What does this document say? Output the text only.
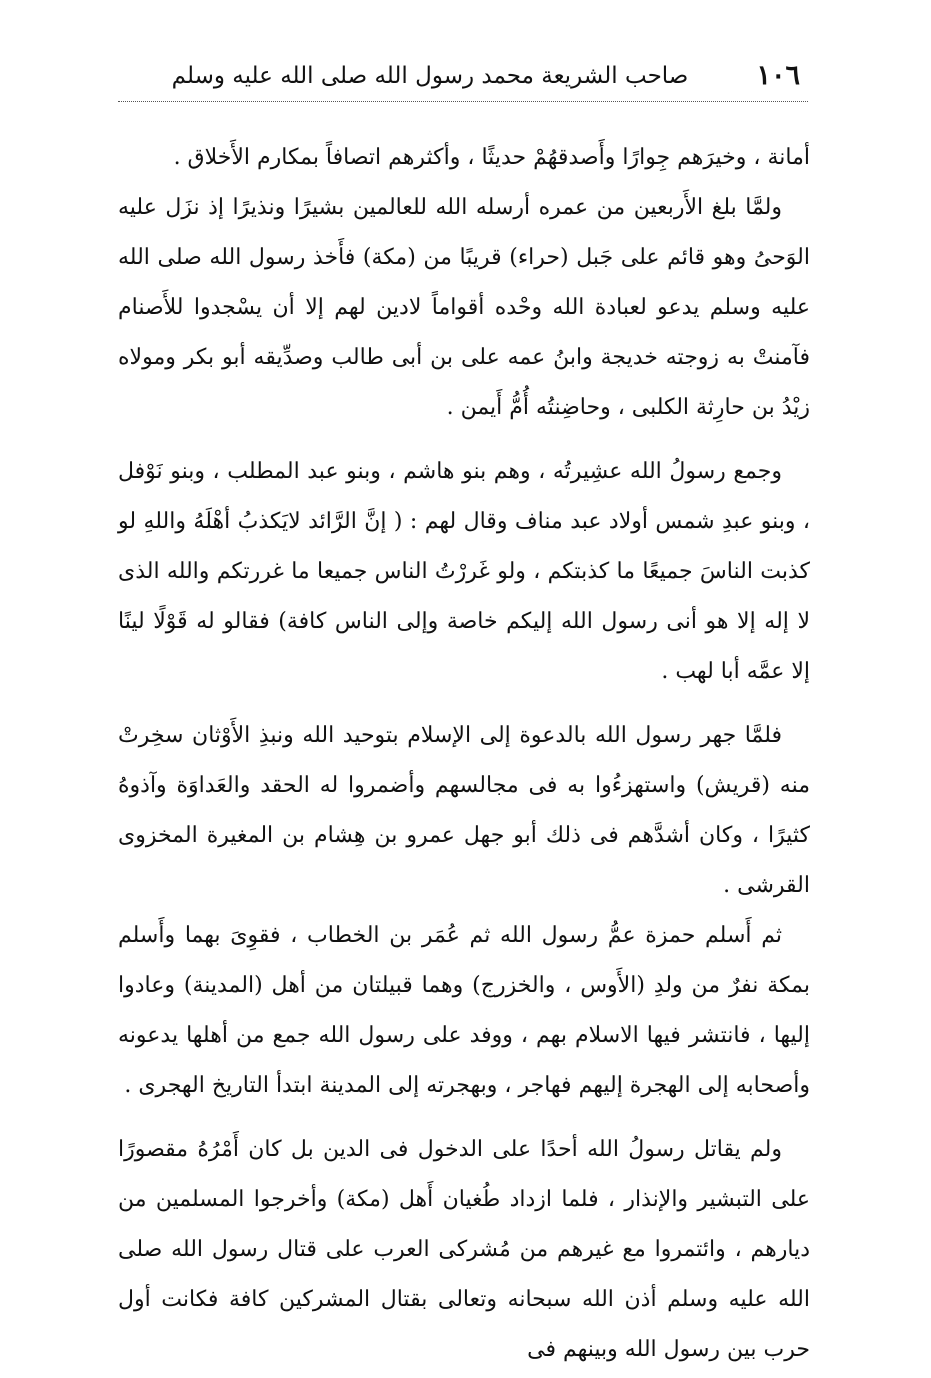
١٠٦
صاحب الشريعة محمد رسول الله صلى الله عليه وسلم

أمانة ، وخيرَهم جِوارًا وأَصدقهُمْ حديثًا ، وأكثرهم اتصافاً بمكارم الأَخلاق .

ولمَّا بلغ الأَربعين من عمره أرسله الله للعالمين بشيرًا ونذيرًا إذ نزَل عليه الوَحىُ وهو قائم على جَبل (حراء) قريبًا من (مكة) فأَخذ رسول الله صلى الله عليه وسلم يدعو لعبادة الله وحْده أقواماً لادين لهم إلا أن يسْجدوا للأَصنام فآمنتْ به زوجته خديجة وابنُ عمه على بن أبى طالب وصدِّيقه أبو بكر ومولاه زيْدُ بن حارِثة الكلبى ، وحاضِنتُه أُمُّ أَيمن .

وجمع رسولُ الله عشِيرتُه ، وهم بنو هاشم ، وبنو عبد المطلب ، وبنو نَوْفل ، وبنو عبدِ شمس أولاد عبد مناف وقال لهم : ( إنَّ الرَّائد لايَكذبُ أهْلَهُ واللهِ لو كذبت الناسَ جميعًا ما كذبتكم ، ولو غَررْتُ الناس جميعا ما غررتكم والله الذى لا إله إلا هو أنى رسول الله إليكم خاصة وإلى الناس كافة) فقالو له قَوْلًا لينًا إلا عمَّه أبا لهب .

فلمَّا جهر رسول الله بالدعوة إلى الإسلام بتوحيد الله ونبذِ الأَوْثان سخِرتْ منه (قريش) واستهزءُوا به فى مجالسهم وأضمروا له الحقد والعَداوَة وآذوهُ كثيرًا ، وكان أشدَّهم فى ذلك أبو جهل عمرو بن هِشام بن المغيرة المخزوى القرشى .

ثم أَسلم حمزة عمُّ رسول الله ثم عُمَر بن الخطاب ، فقوِىَ بهما وأَسلم بمكة نفرٌ من ولدِ (الأَوس ، والخزرج) وهما قبيلتان من أهل (المدينة) وعادوا إليها ، فانتشر فيها الاسلام بهم ، ووفد على رسول الله جمع من أهلها يدعونه وأصحابه إلى الهجرة إليهم فهاجر ، وبهجرته إلى المدينة ابتدأ التاريخ الهجرى .

ولم يقاتل رسولُ الله أحدًا على الدخول فى الدين بل كان أَمْرُهُ مقصورًا على التبشير والإنذار ، فلما ازداد طُغيان أَهل (مكة) وأخرجوا المسلمين من ديارهم ، وائتمروا مع غيرهم من مُشركى العرب على قتال رسول الله صلى الله عليه وسلم أذن الله سبحانه وتعالى بقتال المشركين كافة فكانت أول حرب بين رسول الله وبينهم فى
